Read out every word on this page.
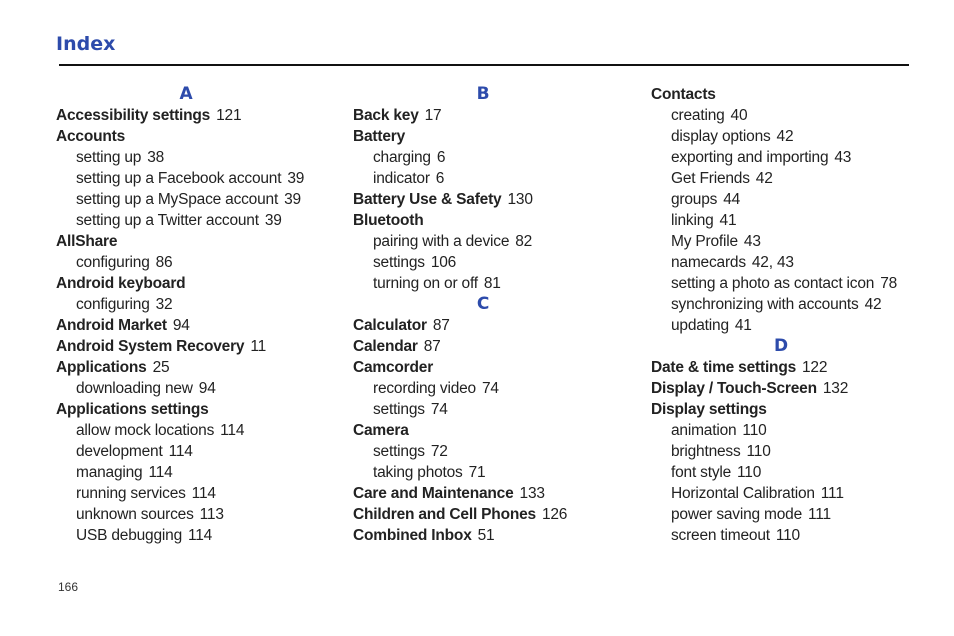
Index
A
Accessibility settings 121
Accounts
setting up 38
setting up a Facebook account 39
setting up a MySpace account 39
setting up a Twitter account 39
AllShare
configuring 86
Android keyboard
configuring 32
Android Market 94
Android System Recovery 11
Applications 25
downloading new 94
Applications settings
allow mock locations 114
development 114
managing 114
running services 114
unknown sources 113
USB debugging 114
B
Back key 17
Battery
charging 6
indicator 6
Battery Use & Safety 130
Bluetooth
pairing with a device 82
settings 106
turning on or off 81
C
Calculator 87
Calendar 87
Camcorder
recording video 74
settings 74
Camera
settings 72
taking photos 71
Care and Maintenance 133
Children and Cell Phones 126
Combined Inbox 51
Contacts
creating 40
display options 42
exporting and importing 43
Get Friends 42
groups 44
linking 41
My Profile 43
namecards 42, 43
setting a photo as contact icon 78
synchronizing with accounts 42
updating 41
D
Date & time settings 122
Display / Touch-Screen 132
Display settings
animation 110
brightness 110
font style 110
Horizontal Calibration 111
power saving mode 111
screen timeout 110
166
